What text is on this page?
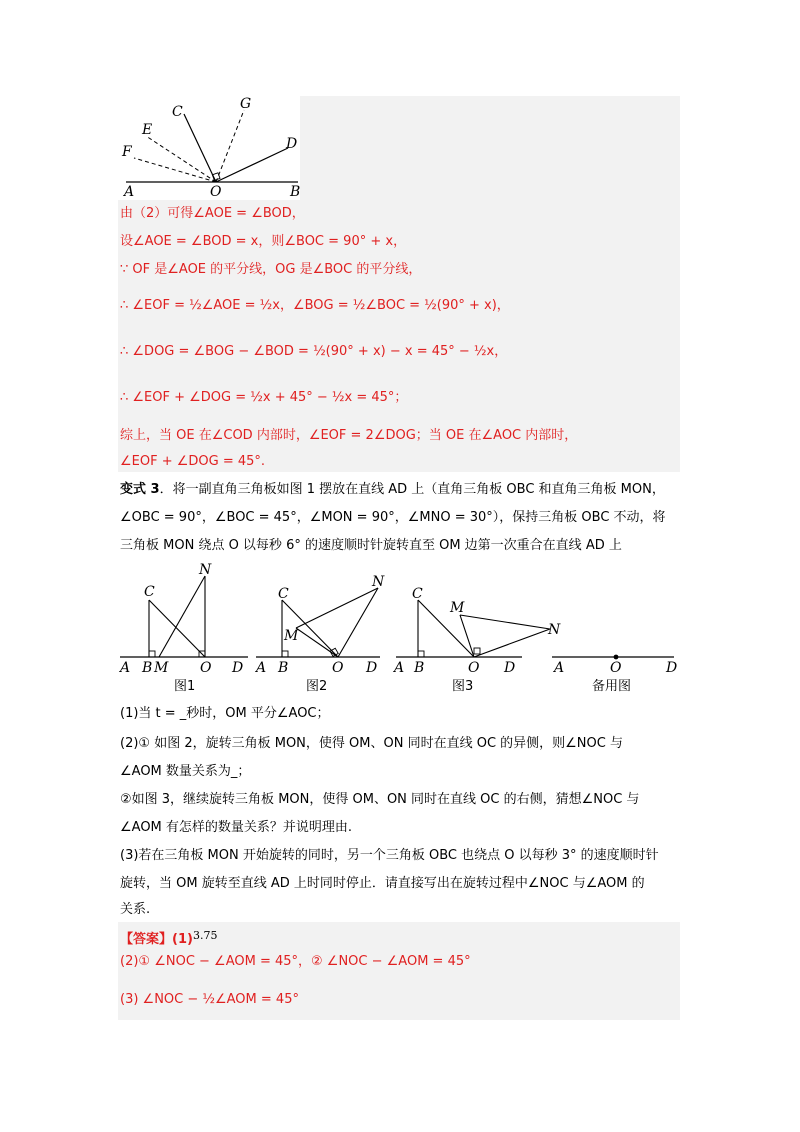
C	G
E
D
F
A	O	B
由（2）可得∠AOE = ∠BOD，
设∠AOE = ∠BOD = x，则∠BOC = 90° + x，
∵ OF 是∠AOE 的平分线，OG 是∠BOC 的平分线，
∴ ∠EOF = ½∠AOE = ½x，∠BOG = ½∠BOC = ½(90° + x)，
∴ ∠DOG = ∠BOG − ∠BOD = ½(90° + x) − x = 45° − ½x，
∴ ∠EOF + ∠DOG = ½x + 45° − ½x = 45°；
综上，当 OE 在∠COD 内部时，∠EOF = 2∠DOG；当 OE 在∠AOC 内部时，
∠EOF + ∠DOG = 45°.
变式 3．将一副直角三角板如图 1 摆放在直线 AD 上（直角三角板 OBC 和直角三角板 MON，
∠OBC = 90°，∠BOC = 45°，∠MON = 90°，∠MNO = 30°），保持三角板 OBC 不动，将
三角板 MON 绕点 O 以每秒 6° 的速度顺时针旋转直至 OM 边第一次重合在直线 AD 上
N
C
A B M O D
图1
N
C
M
A B	O D
图2
C
M
N
A B	O D
图3
A	O	D
备用图
(1)当 t = _秒时，OM 平分∠AOC；
(2)① 如图 2，旋转三角板 MON，使得 OM、ON 同时在直线 OC 的异侧，则∠NOC 与
∠AOM 数量关系为_；
②如图 3，继续旋转三角板 MON，使得 OM、ON 同时在直线 OC 的右侧，猜想∠NOC 与
∠AOM 有怎样的数量关系？并说明理由.
(3)若在三角板 MON 开始旋转的同时，另一个三角板 OBC 也绕点 O 以每秒 3° 的速度顺时针
旋转，当 OM 旋转至直线 AD 上时同时停止．请直接写出在旋转过程中∠NOC 与∠AOM 的
关系.
【答案】$(1)^{3.75}$
(2)① ∠NOC − ∠AOM = 45°，② ∠NOC − ∠AOM = 45°
(3) ∠NOC − ½∠AOM = 45°
